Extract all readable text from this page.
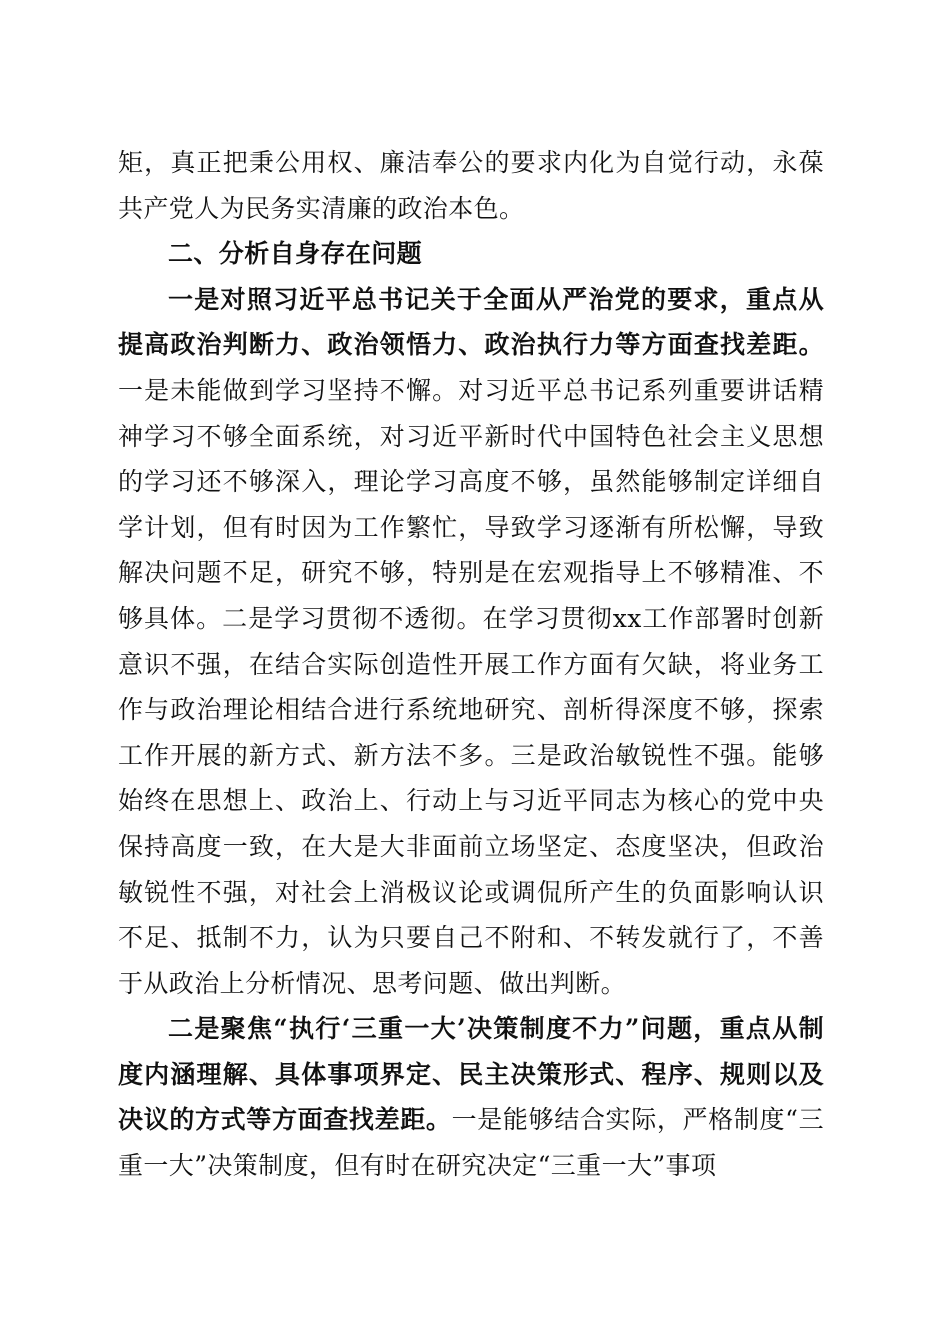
矩，真正把秉公用权、廉洁奉公的要求内化为自觉行动，永葆共产党人为民务实清廉的政治本色。

二、分析自身存在问题

一是对照习近平总书记关于全面从严治党的要求，重点从提高政治判断力、政治领悟力、政治执行力等方面查找差距。一是未能做到学习坚持不懈。对习近平总书记系列重要讲话精神学习不够全面系统，对习近平新时代中国特色社会主义思想的学习还不够深入，理论学习高度不够，虽然能够制定详细自学计划，但有时因为工作繁忙，导致学习逐渐有所松懈，导致解决问题不足，研究不够，特别是在宏观指导上不够精准、不够具体。二是学习贯彻不透彻。在学习贯彻xx工作部署时创新意识不强，在结合实际创造性开展工作方面有欠缺，将业务工作与政治理论相结合进行系统地研究、剖析得深度不够，探索工作开展的新方式、新方法不多。三是政治敏锐性不强。能够始终在思想上、政治上、行动上与习近平同志为核心的党中央保持高度一致，在大是大非面前立场坚定、态度坚决，但政治敏锐性不强，对社会上消极议论或调侃所产生的负面影响认识不足、抵制不力，认为只要自己不附和、不转发就行了，不善于从政治上分析情况、思考问题、做出判断。

二是聚焦“执行‘三重一大’决策制度不力”问题，重点从制度内涵理解、具体事项界定、民主决策形式、程序、规则以及决议的方式等方面查找差距。一是能够结合实际，严格制度“三重一大”决策制度，但有时在研究决定“三重一大”事项
